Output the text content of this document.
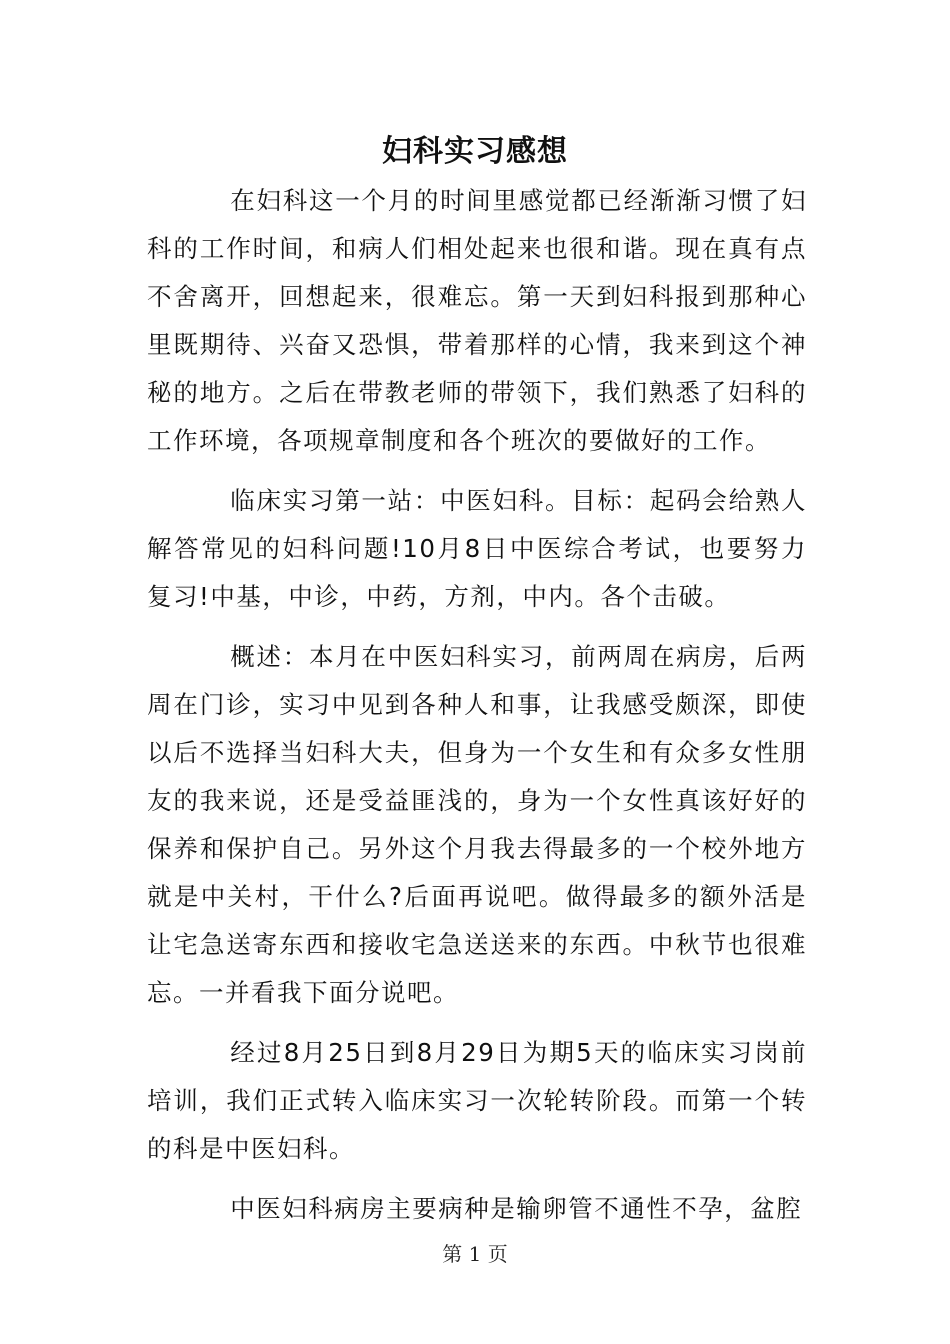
妇科实习感想

在妇科这一个月的时间里感觉都已经渐渐习惯了妇科的工作时间，和病人们相处起来也很和谐。现在真有点不舍离开，回想起来，很难忘。第一天到妇科报到那种心里既期待、兴奋又恐惧，带着那样的心情，我来到这个神秘的地方。之后在带教老师的带领下，我们熟悉了妇科的工作环境，各项规章制度和各个班次的要做好的工作。

临床实习第一站：中医妇科。目标：起码会给熟人解答常见的妇科问题!10月8日中医综合考试，也要努力复习!中基，中诊，中药，方剂，中内。各个击破。

概述：本月在中医妇科实习，前两周在病房，后两周在门诊，实习中见到各种人和事，让我感受颇深，即使以后不选择当妇科大夫，但身为一个女生和有众多女性朋友的我来说，还是受益匪浅的，身为一个女性真该好好的保养和保护自己。另外这个月我去得最多的一个校外地方就是中关村，干什么?后面再说吧。做得最多的额外活是让宅急送寄东西和接收宅急送送来的东西。中秋节也很难忘。一并看我下面分说吧。

经过8月25日到8月29日为期5天的临床实习岗前培训，我们正式转入临床实习一次轮转阶段。而第一个转的科是中医妇科。

中医妇科病房主要病种是输卵管不通性不孕，盆腔

第 1 页
